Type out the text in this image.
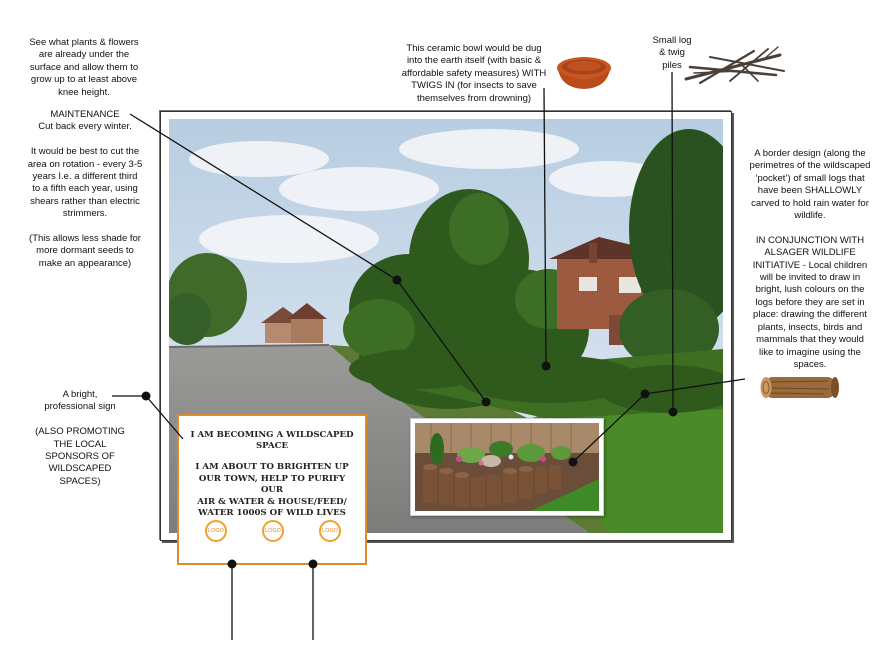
See what plants & flowers
are already under the
surface and allow them to
grow up to at least above
knee height.
MAINTENANCE
Cut back every winter.

It would be best to cut the
area on rotation - every 3-5
years I.e. a different third
to a fifth each year, using
shears rather than electric
strimmers.

(This allows less shade for
more dormant seeds to
make an appearance)
This ceramic bowl would be dug
into the earth itself (with basic &
affordable safety measures) WITH
TWIGS IN (for insects to save
themselves from drowning)
Small log
& twig
piles
A border design (along the
perimetres of the wildscaped
‘pocket’) of small logs that
have been SHALLOWLY
carved to hold rain water for
wildlife.

IN CONJUNCTION WITH
ALSAGER WILDLIFE
INITIATIVE - Local children
will be invited to draw in
bright, lush colours on the
logs before they are set in
place: drawing the different
plants, insects, birds and
mammals that they would
like to imagine using the
spaces.
A bright,
professional sign

(ALSO PROMOTING
THE LOCAL
SPONSORS OF
WILDSCAPED
SPACES)
I AM BECOMING A WILDSCAPED
SPACE
I AM ABOUT TO BRIGHTEN UP
OUR TOWN, HELP TO PURIFY OUR
AIR & WATER & HOUSE/FEED/
WATER 1000S OF WILD LIVES
LOGO	LOGO	LOGO
